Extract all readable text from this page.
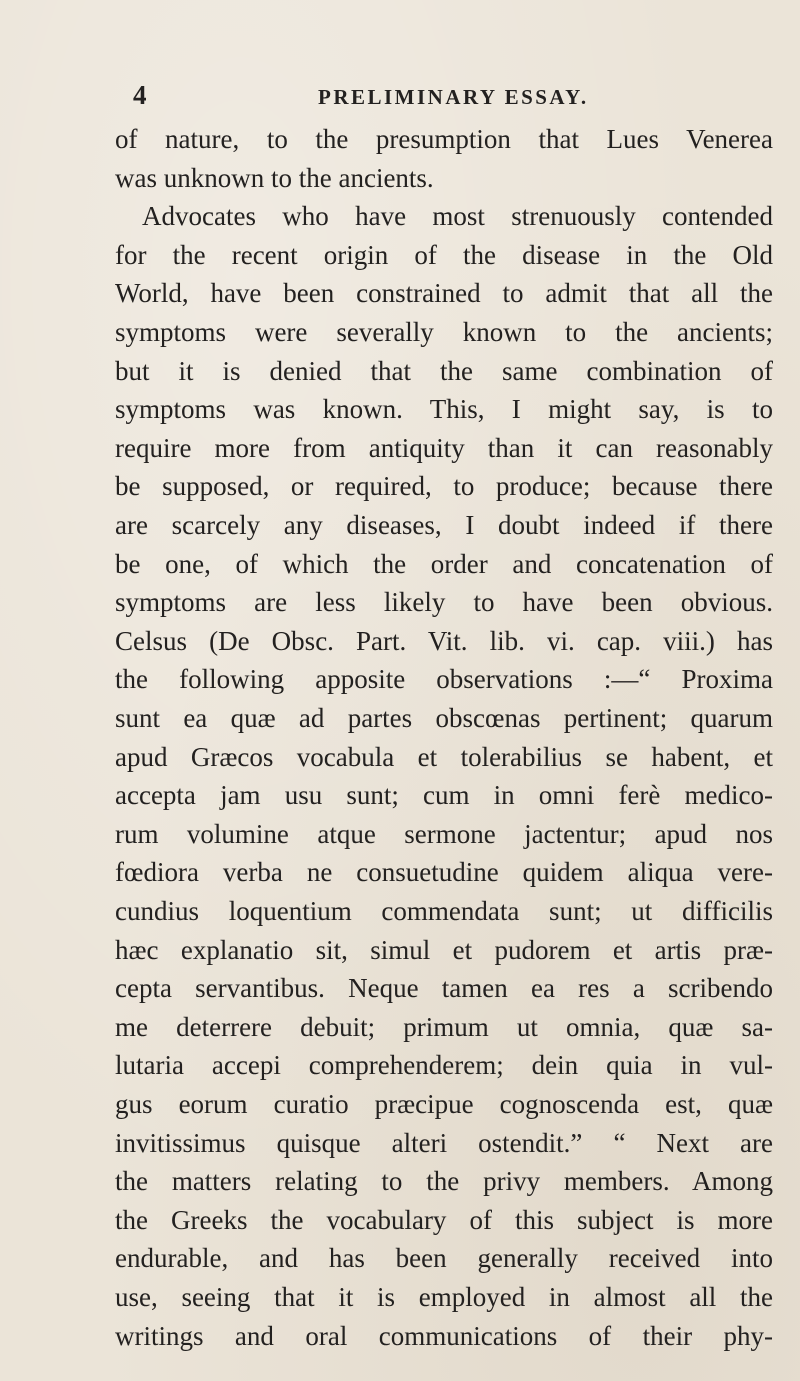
4	PRELIMINARY ESSAY.
of nature, to the presumption that Lues Venerea
was unknown to the ancients.
Advocates who have most strenuously contended
for the recent origin of the disease in the Old
World, have been constrained to admit that all the
symptoms were severally known to the ancients;
but it is denied that the same combination of
symptoms was known. This, I might say, is to
require more from antiquity than it can reasonably
be supposed, or required, to produce; because there
are scarcely any diseases, I doubt indeed if there
be one, of which the order and concatenation of
symptoms are less likely to have been obvious.
Celsus (De Obsc. Part. Vit. lib. vi. cap. viii.) has
the following apposite observations :—“ Proxima
sunt ea quæ ad partes obscœnas pertinent; quarum
apud Græcos vocabula et tolerabilius se habent, et
accepta jam usu sunt; cum in omni ferè medico-
rum volumine atque sermone jactentur; apud nos
fœdiora verba ne consuetudine quidem aliqua vere-
cundius loquentium commendata sunt; ut difficilis
hæc explanatio sit, simul et pudorem et artis præ-
cepta servantibus. Neque tamen ea res a scribendo
me deterrere debuit; primum ut omnia, quæ sa-
lutaria accepi comprehenderem; dein quia in vul-
gus eorum curatio præcipue cognoscenda est, quæ
invitissimus quisque alteri ostendit.” “ Next are
the matters relating to the privy members. Among
the Greeks the vocabulary of this subject is more
endurable, and has been generally received into
use, seeing that it is employed in almost all the
writings and oral communications of their phy-
